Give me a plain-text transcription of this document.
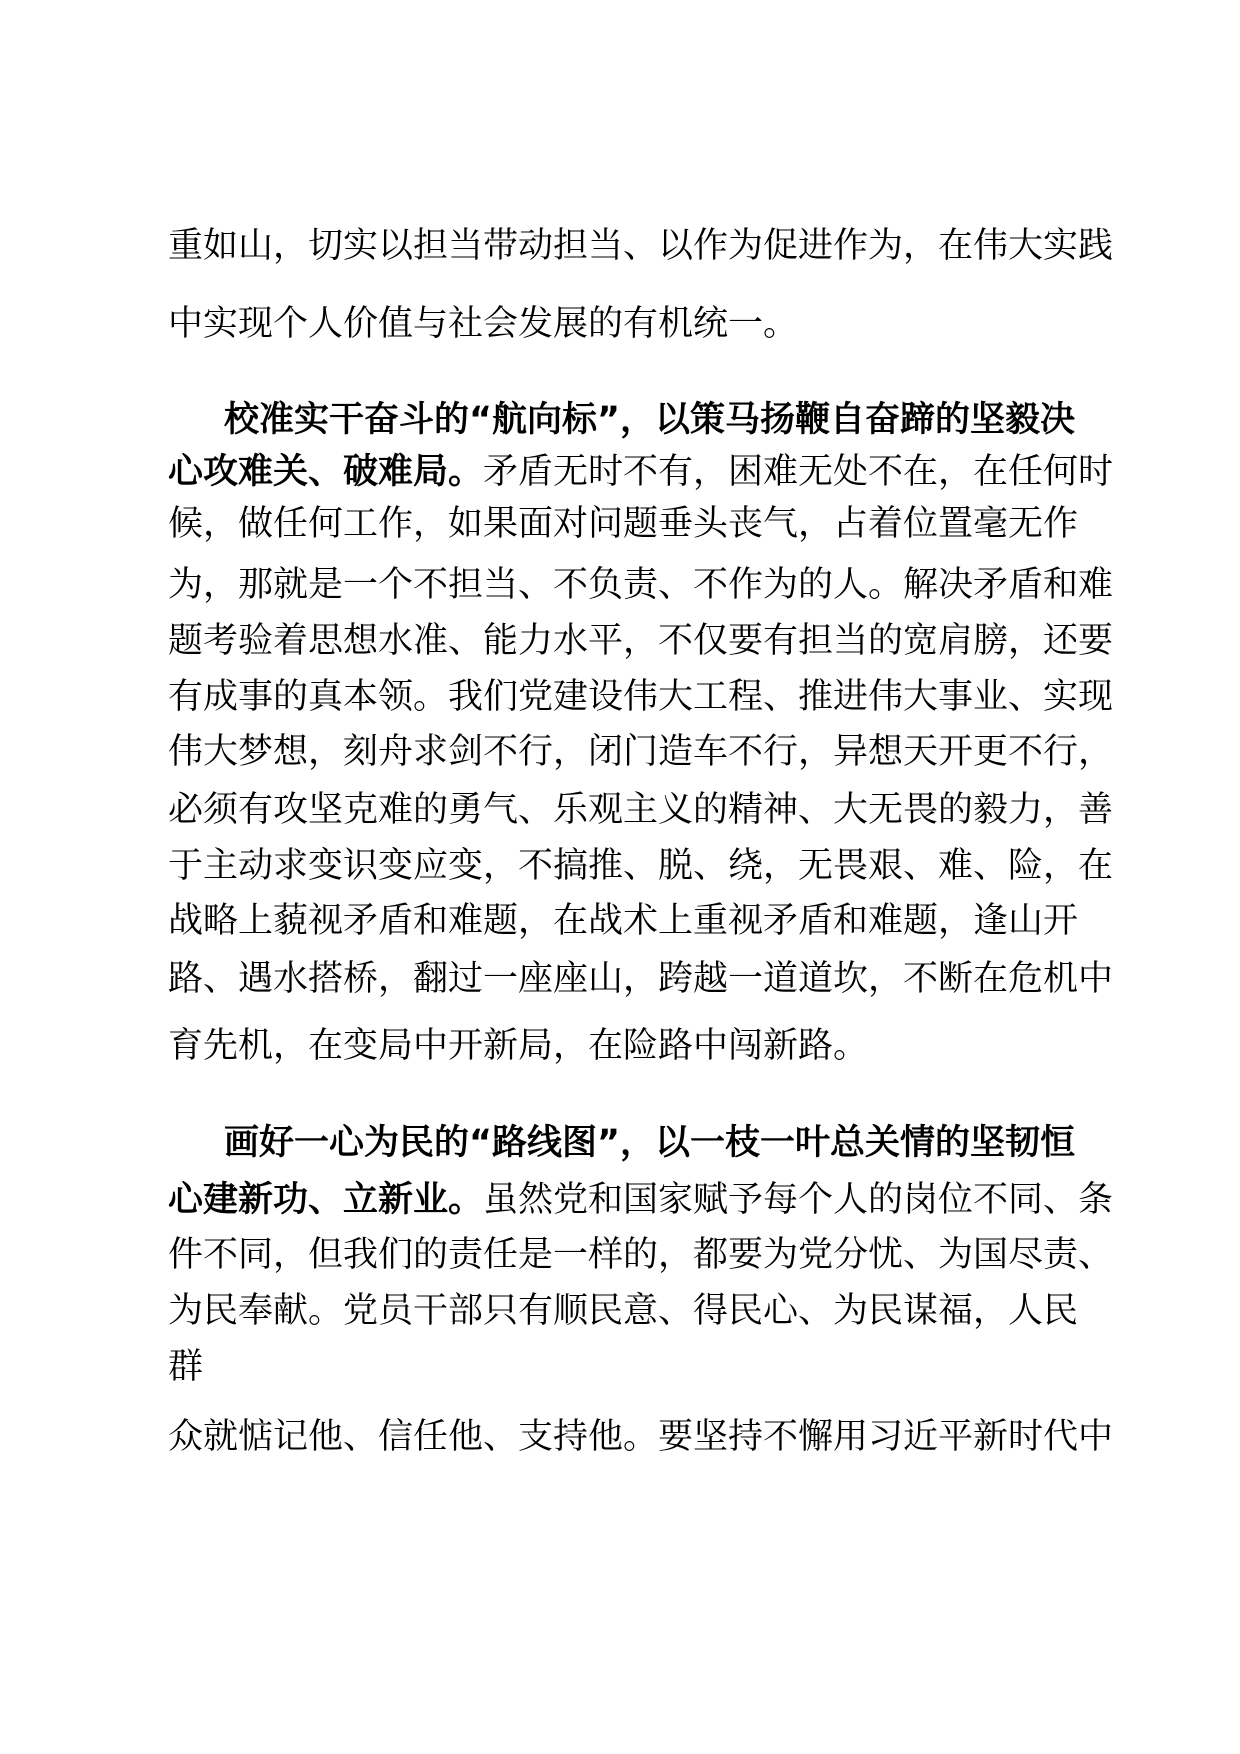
重如山，切实以担当带动担当、以作为促进作为，在伟大实践
中实现个人价值与社会发展的有机统一。
校准实干奋斗的“航向标”，以策马扬鞭自奋蹄的坚毅决
心攻难关、破难局。矛盾无时不有，困难无处不在，在任何时
候，做任何工作，如果面对问题垂头丧气，占着位置毫无作
为，那就是一个不担当、不负责、不作为的人。解决矛盾和难
题考验着思想水准、能力水平，不仅要有担当的宽肩膀，还要
有成事的真本领。我们党建设伟大工程、推进伟大事业、实现
伟大梦想，刻舟求剑不行，闭门造车不行，异想天开更不行，
必须有攻坚克难的勇气、乐观主义的精神、大无畏的毅力，善
于主动求变识变应变，不搞推、脱、绕，无畏艰、难、险，在
战略上藐视矛盾和难题，在战术上重视矛盾和难题，逢山开
路、遇水搭桥，翻过一座座山，跨越一道道坎，不断在危机中
育先机，在变局中开新局，在险路中闯新路。
画好一心为民的“路线图”，以一枝一叶总关情的坚韧恒
心建新功、立新业。虽然党和国家赋予每个人的岗位不同、条
件不同，但我们的责任是一样的，都要为党分忧、为国尽责、
为民奉献。党员干部只有顺民意、得民心、为民谋福，人民
群
众就惦记他、信任他、支持他。要坚持不懈用习近平新时代中
